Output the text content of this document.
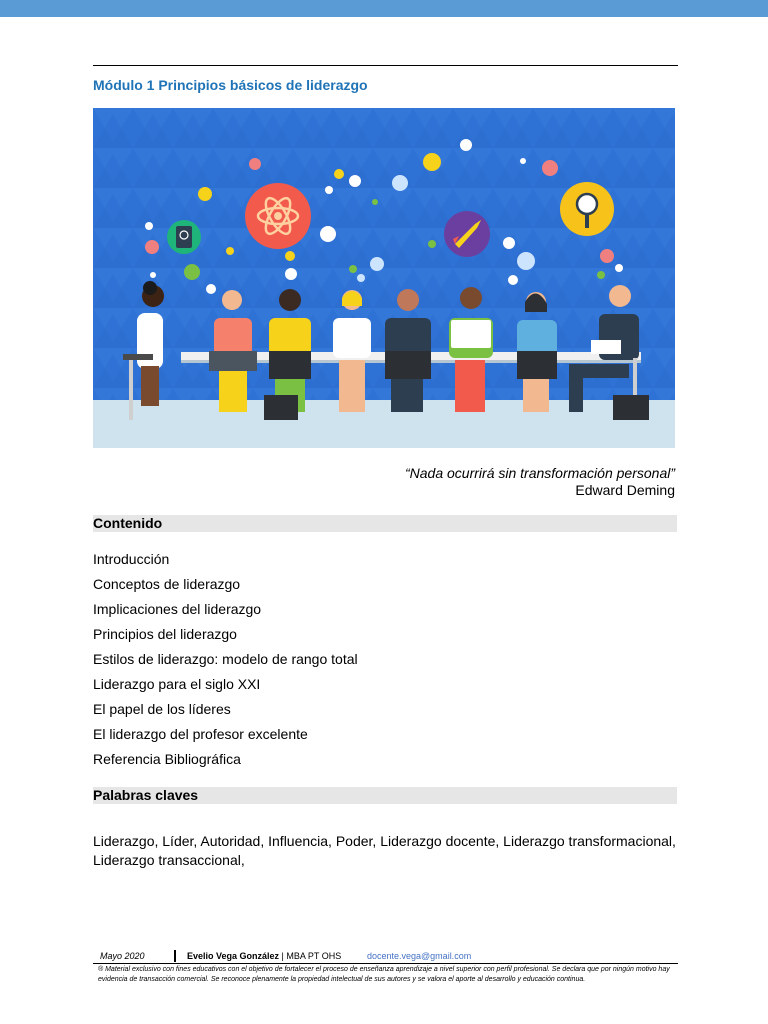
Módulo 1 Principios básicos de liderazgo
“Nada ocurrirá sin transformación personal”
Edward Deming
Contenido
Introducción
Conceptos de liderazgo
Implicaciones del liderazgo
Principios del liderazgo
Estilos de liderazgo: modelo de rango total
Liderazgo para el siglo XXI
El papel de los líderes
El liderazgo del profesor excelente
Referencia Bibliográfica
Palabras claves
Liderazgo, Líder, Autoridad, Influencia, Poder, Liderazgo docente, Liderazgo transformacional, Liderazgo transaccional,
Mayo 2020	Evelio Vega González | MBA PT OHS	docente.vega@gmail.com
® Material exclusivo con fines educativos con el objetivo de fortalecer el proceso de enseñanza aprendizaje a nivel superior con perfil profesional. Se declara que por ningún motivo hay evidencia de transacción comercial. Se reconoce plenamente la propiedad intelectual de sus autores y se valora el aporte al desarrollo y educación continua.
